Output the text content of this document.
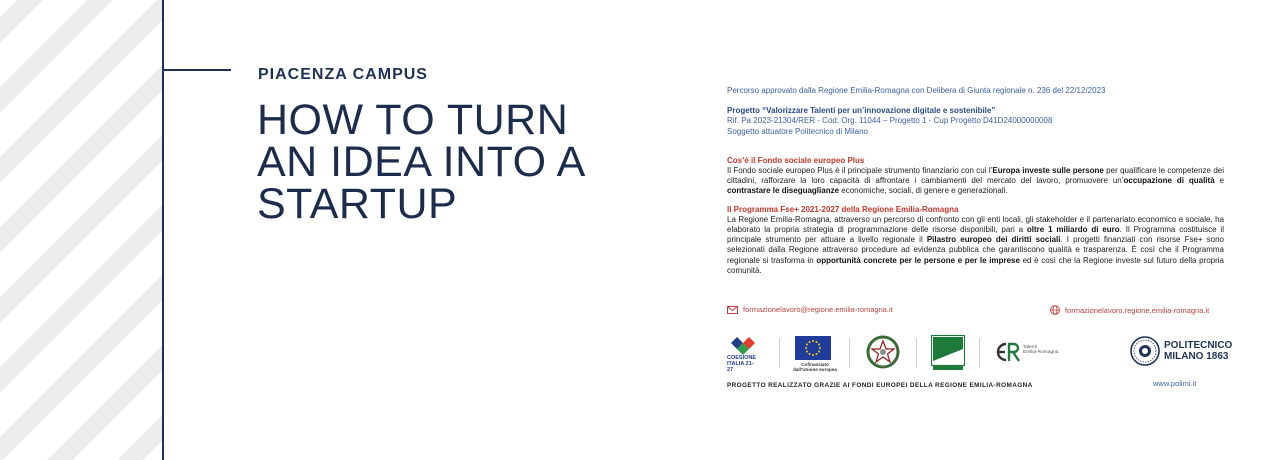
PIACENZA CAMPUS

HOW TO TURN
AN IDEA INTO A
STARTUP

Percorso approvato dalla Regione Emilia-Romagna con Delibera di Giunta regionale n. 236 del 22/12/2023

Progetto “Valorizzare Talenti per un’innovazione digitale e sostenibile”

Rif. Pa 2023-21304/RER - Cod. Org. 11044 – Progetto 1 - Cup Progetto D41D24000000008

Soggetto attuatore Politecnico di Milano

Cos’è il Fondo sociale europeo Plus

Il Fondo sociale europeo Plus è il principale strumento finanziario con cui l’Europa investe sulle persone per qualificare le competenze dei cittadini, rafforzare la loro capacità di affrontare i cambiamenti del mercato del lavoro, promuovere un’occupazione di qualità e contrastare le diseguaglianze economiche, sociali, di genere e generazionali.

Il Programma Fse+ 2021-2027 della Regione Emilia-Romagna

La Regione Emilia-Romagna, attraverso un percorso di confronto con gli enti locali, gli stakeholder e il partenariato economico e sociale, ha elaborato la propria strategia di programmazione delle risorse disponibili, pari a oltre 1 miliardo di euro. Il Programma costituisce il principale strumento per attuare a livello regionale il Pilastro europeo dei diritti sociali. I progetti finanziati con risorse Fse+ sono selezionati dalla Regione attraverso procedure ad evidenza pubblica che garantiscono qualità e trasparenza. È così che il Programma regionale si trasforma in opportunità concrete per le persone e per le imprese ed è così che la Regione investe sul futuro della propria comunità.

formazionelavoro@regione.emilia-romagna.it	formazionelavoro.regione.emilia-romagna.it
COESIONE
ITALIA 21-27
Cofinanziato
dall’Unione europea
Talenti
Emilia-Romagna
POLITECNICO
MILANO 1863
PROGETTO REALIZZATO GRAZIE AI FONDI EUROPEI DELLA REGIONE EMILIA-ROMAGNA	www.polimi.it
